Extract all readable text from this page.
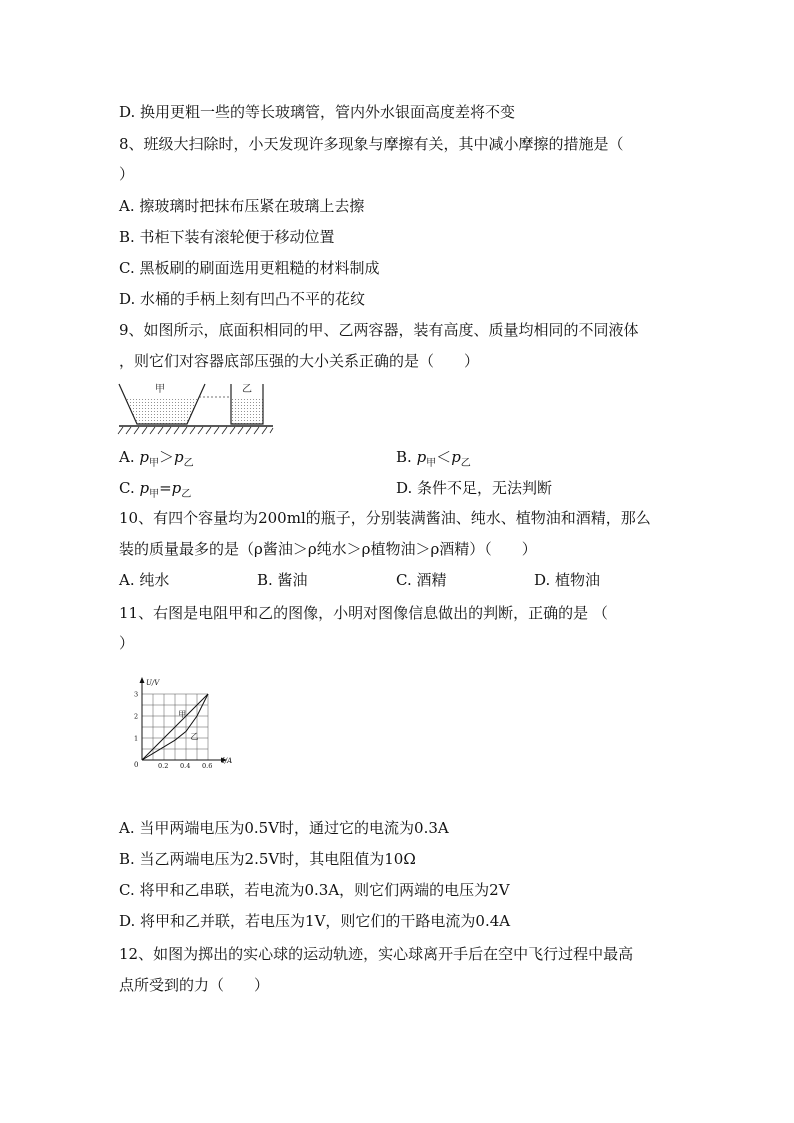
D. 换用更粗一些的等长玻璃管，管内外水银面高度差将不变
8、班级大扫除时，小天发现许多现象与摩擦有关，其中减小摩擦的措施是（
）
A. 擦玻璃时把抹布压紧在玻璃上去擦
B. 书柜下装有滚轮便于移动位置
C. 黑板刷的刷面选用更粗糙的材料制成
D. 水桶的手柄上刻有凹凸不平的花纹
9、如图所示，底面积相同的甲、乙两容器，装有高度、质量均相同的不同液体
，则它们对容器底部压强的大小关系正确的是（　　）
甲	乙
A. $p_甲>p_乙$	B. $p_甲<p_乙$
C. $p_甲=p_乙$	D. 条件不足，无法判断
10、有四个容量均为200ml的瓶子，分别装满酱油、纯水、植物油和酒精，那么
装的质量最多的是（ρ酱油＞ρ纯水＞ρ植物油＞ρ酒精）（　　）
A. 纯水	B. 酱油	C. 酒精	D. 植物油
11、右图是电阻甲和乙的图像，小明对图像信息做出的判断，正确的是 （
）
U/V
I/A
0	0.2 0.4 0.6
1
2
3
甲
乙
A. 当甲两端电压为0.5V时，通过它的电流为0.3A
B. 当乙两端电压为2.5V时，其电阻值为10Ω
C. 将甲和乙串联，若电流为0.3A，则它们两端的电压为2V
D. 将甲和乙并联，若电压为1V，则它们的干路电流为0.4A
12、如图为掷出的实心球的运动轨迹，实心球离开手后在空中飞行过程中最高
点所受到的力（　　）
